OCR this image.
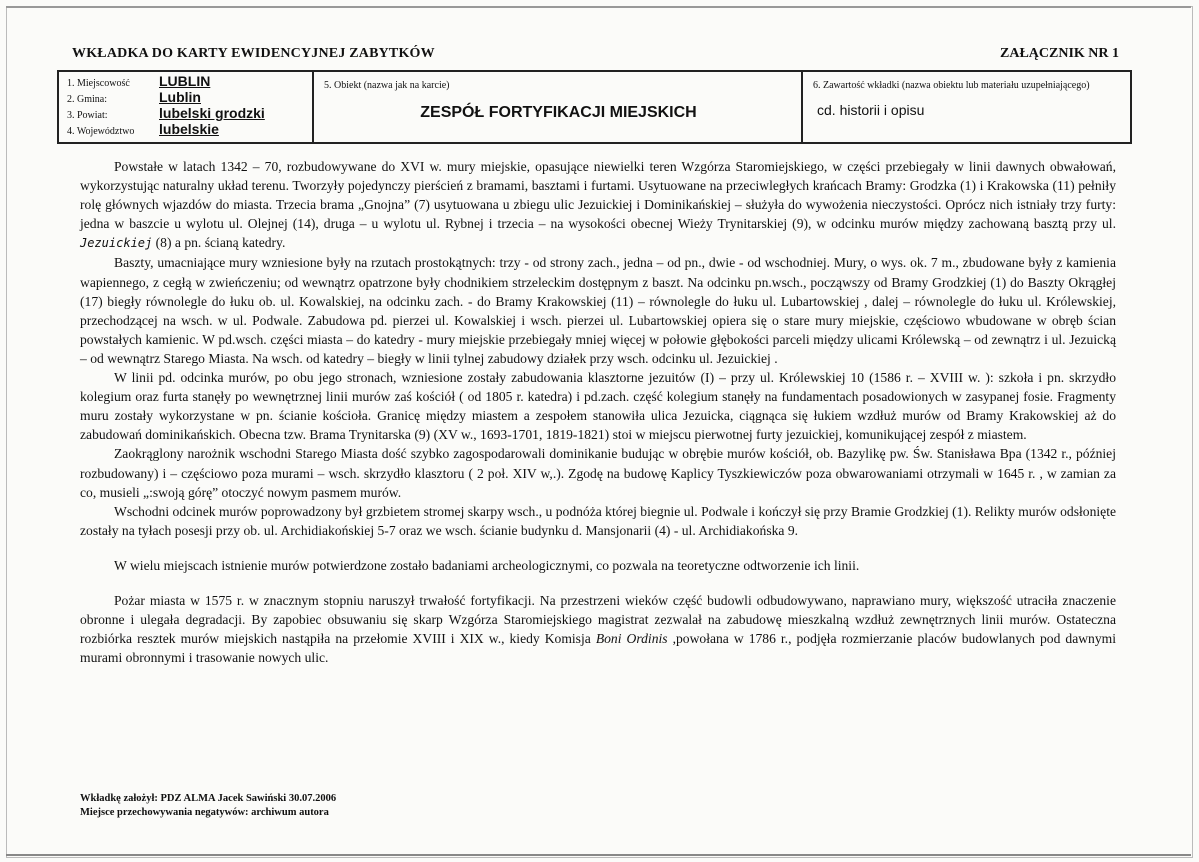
WKŁADKA DO KARTY EWIDENCYJNEJ ZABYTKÓW	ZAŁĄCZNIK NR 1
1. Miejscowość LUBLIN
2. Gmina:	Lublin
3. Powiat:	lubelski grodzki
4. Województwo lubelskie
5. Obiekt (nazwa jak na karcie)
ZESPÓŁ FORTYFIKACJI MIEJSKICH
6. Zawartość wkładki (nazwa obiektu lub materiału uzupełniającego)
cd. historii i opisu

Powstałe w latach 1342 – 70, rozbudowywane do XVI w. mury miejskie, opasujące niewielki teren Wzgórza Staromiejskiego, w części przebiegały w linii dawnych obwałowań, wykorzystując naturalny układ terenu. Tworzyły pojedynczy pierścień z bramami, basztami i furtami. Usytuowane na przeciwległych krańcach Bramy: Grodzka (1) i Krakowska (11) pełniły rolę głównych wjazdów do miasta. Trzecia brama „Gnojna” (7) usytuowana u zbiegu ulic Jezuickiej i Dominikańskiej – służyła do wywożenia nieczystości. Oprócz nich istniały trzy furty: jedna w baszcie u wylotu ul. Olejnej (14), druga – u wylotu ul. Rybnej i trzecia – na wysokości obecnej Wieży Trynitarskiej (9), w odcinku murów między zachowaną basztą przy ul. Jezuickiej (8) a pn. ścianą katedry.

Baszty, umacniające mury wzniesione były na rzutach prostokątnych: trzy - od strony zach., jedna – od pn., dwie - od wschodniej. Mury, o wys. ok. 7 m., zbudowane były z kamienia wapiennego, z cegłą w zwieńczeniu; od wewnątrz opatrzone były chodnikiem strzeleckim dostępnym z baszt. Na odcinku pn.wsch., począwszy od Bramy Grodzkiej (1) do Baszty Okrągłej (17) biegły równolegle do łuku ob. ul. Kowalskiej, na odcinku zach. - do Bramy Krakowskiej (11) – równolegle do łuku ul. Lubartowskiej , dalej – równolegle do łuku ul. Królewskiej, przechodzącej na wsch. w ul. Podwale. Zabudowa pd. pierzei ul. Kowalskiej i wsch. pierzei ul. Lubartowskiej opiera się o stare mury miejskie, częściowo wbudowane w obręb ścian powstałych kamienic. W pd.wsch. części miasta – do katedry - mury miejskie przebiegały mniej więcej w połowie głębokości parceli między ulicami Królewską – od zewnątrz i ul. Jezuicką – od wewnątrz Starego Miasta. Na wsch. od katedry – biegły w linii tylnej zabudowy działek przy wsch. odcinku ul. Jezuickiej .

W linii pd. odcinka murów, po obu jego stronach, wzniesione zostały zabudowania klasztorne jezuitów (I) – przy ul. Królewskiej 10 (1586 r. – XVIII w. ): szkoła i pn. skrzydło kolegium oraz furta stanęły po wewnętrznej linii murów zaś kościół ( od 1805 r. katedra) i pd.zach. część kolegium stanęły na fundamentach posadowionych w zasypanej fosie. Fragmenty muru zostały wykorzystane w pn. ścianie kościoła. Granicę między miastem a zespołem stanowiła ulica Jezuicka, ciągnąca się łukiem wzdłuż murów od Bramy Krakowskiej aż do zabudowań dominikańskich. Obecna tzw. Brama Trynitarska (9) (XV w., 1693-1701, 1819-1821) stoi w miejscu pierwotnej furty jezuickiej, komunikującej zespół z miastem.

Zaokrąglony narożnik wschodni Starego Miasta dość szybko zagospodarowali dominikanie budując w obrębie murów kościół, ob. Bazylikę pw. Św. Stanisława Bpa (1342 r., później rozbudowany) i – częściowo poza murami – wsch. skrzydło klasztoru ( 2 poł. XIV w,.). Zgodę na budowę Kaplicy Tyszkiewiczów poza obwarowaniami otrzymali w 1645 r. , w zamian za co, musieli „:swoją górę” otoczyć nowym pasmem murów.

Wschodni odcinek murów poprowadzony był grzbietem stromej skarpy wsch., u podnóża której biegnie ul. Podwale i kończył się przy Bramie Grodzkiej (1). Relikty murów odsłonięte zostały na tyłach posesji przy ob. ul. Archidiakońskiej 5-7 oraz we wsch. ścianie budynku d. Mansjonarii (4) - ul. Archidiakońska 9.

W wielu miejscach istnienie murów potwierdzone zostało badaniami archeologicznymi, co pozwala na teoretyczne odtworzenie ich linii.

Pożar miasta w 1575 r. w znacznym stopniu naruszył trwałość fortyfikacji. Na przestrzeni wieków część budowli odbudowywano, naprawiano mury, większość utraciła znaczenie obronne i ulegała degradacji. By zapobiec obsuwaniu się skarp Wzgórza Staromiejskiego magistrat zezwalał na zabudowę mieszkalną wzdłuż zewnętrznych linii murów. Ostateczna rozbiórka resztek murów miejskich nastąpiła na przełomie XVIII i XIX w., kiedy Komisja Boni Ordinis ,powołana w 1786 r., podjęła rozmierzanie placów budowlanych pod dawnymi murami obronnymi i trasowanie nowych ulic.

Wkładkę założył: PDZ ALMA Jacek Sawiński 30.07.2006
Miejsce przechowywania negatywów: archiwum autora
